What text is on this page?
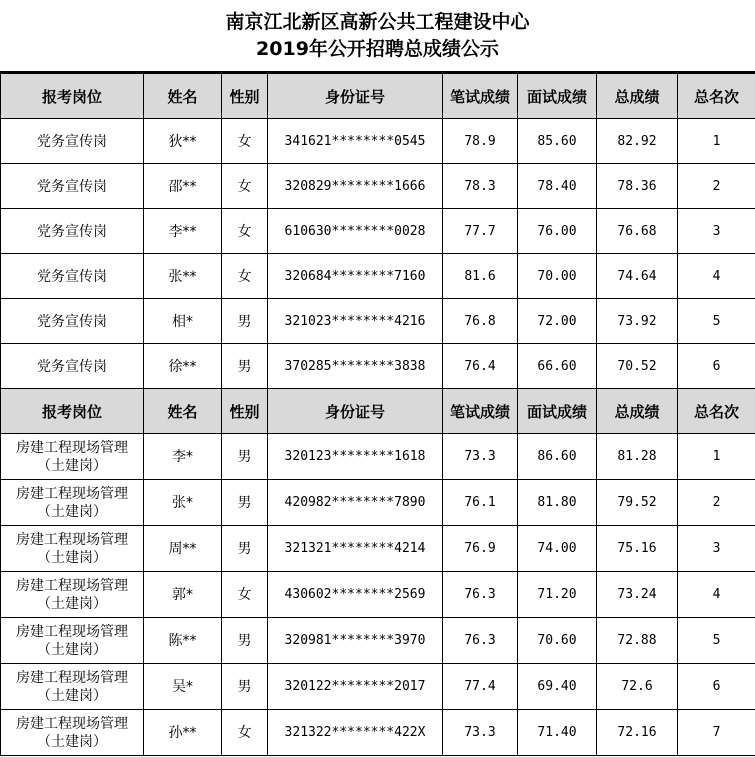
南京江北新区高新公共工程建设中心
2019年公开招聘总成绩公示
报考岗位	姓名	性别	身份证号	笔试成绩	面试成绩	总成绩	总名次
党务宣传岗	狄**	女	341621********0545	78.9	85.60	82.92	1
党务宣传岗	邵**	女	320829********1666	78.3	78.40	78.36	2
党务宣传岗	李**	女	610630********0028	77.7	76.00	76.68	3
党务宣传岗	张**	女	320684********7160	81.6	70.00	74.64	4
党务宣传岗	相*	男	321023********4216	76.8	72.00	73.92	5
党务宣传岗	徐**	男	370285********3838	76.4	66.60	70.52	6
报考岗位	姓名	性别	身份证号	笔试成绩	面试成绩	总成绩	总名次

房建工程现场管理
（土建岗）	李*	男	320123********1618	73.3	86.60	81.28	1

房建工程现场管理
（土建岗）	张*	男	420982********7890	76.1	81.80	79.52	2

房建工程现场管理
（土建岗）	周**	男	321321********4214	76.9	74.00	75.16	3

房建工程现场管理
（土建岗）	郭*	女	430602********2569	76.3	71.20	73.24	4

房建工程现场管理
（土建岗）	陈**	男	320981********3970	76.3	70.60	72.88	5

房建工程现场管理
（土建岗）	吴*	男	320122********2017	77.4	69.40	72.6	6

房建工程现场管理
（土建岗）	孙**	女	321322********422X	73.3	71.40	72.16	7
